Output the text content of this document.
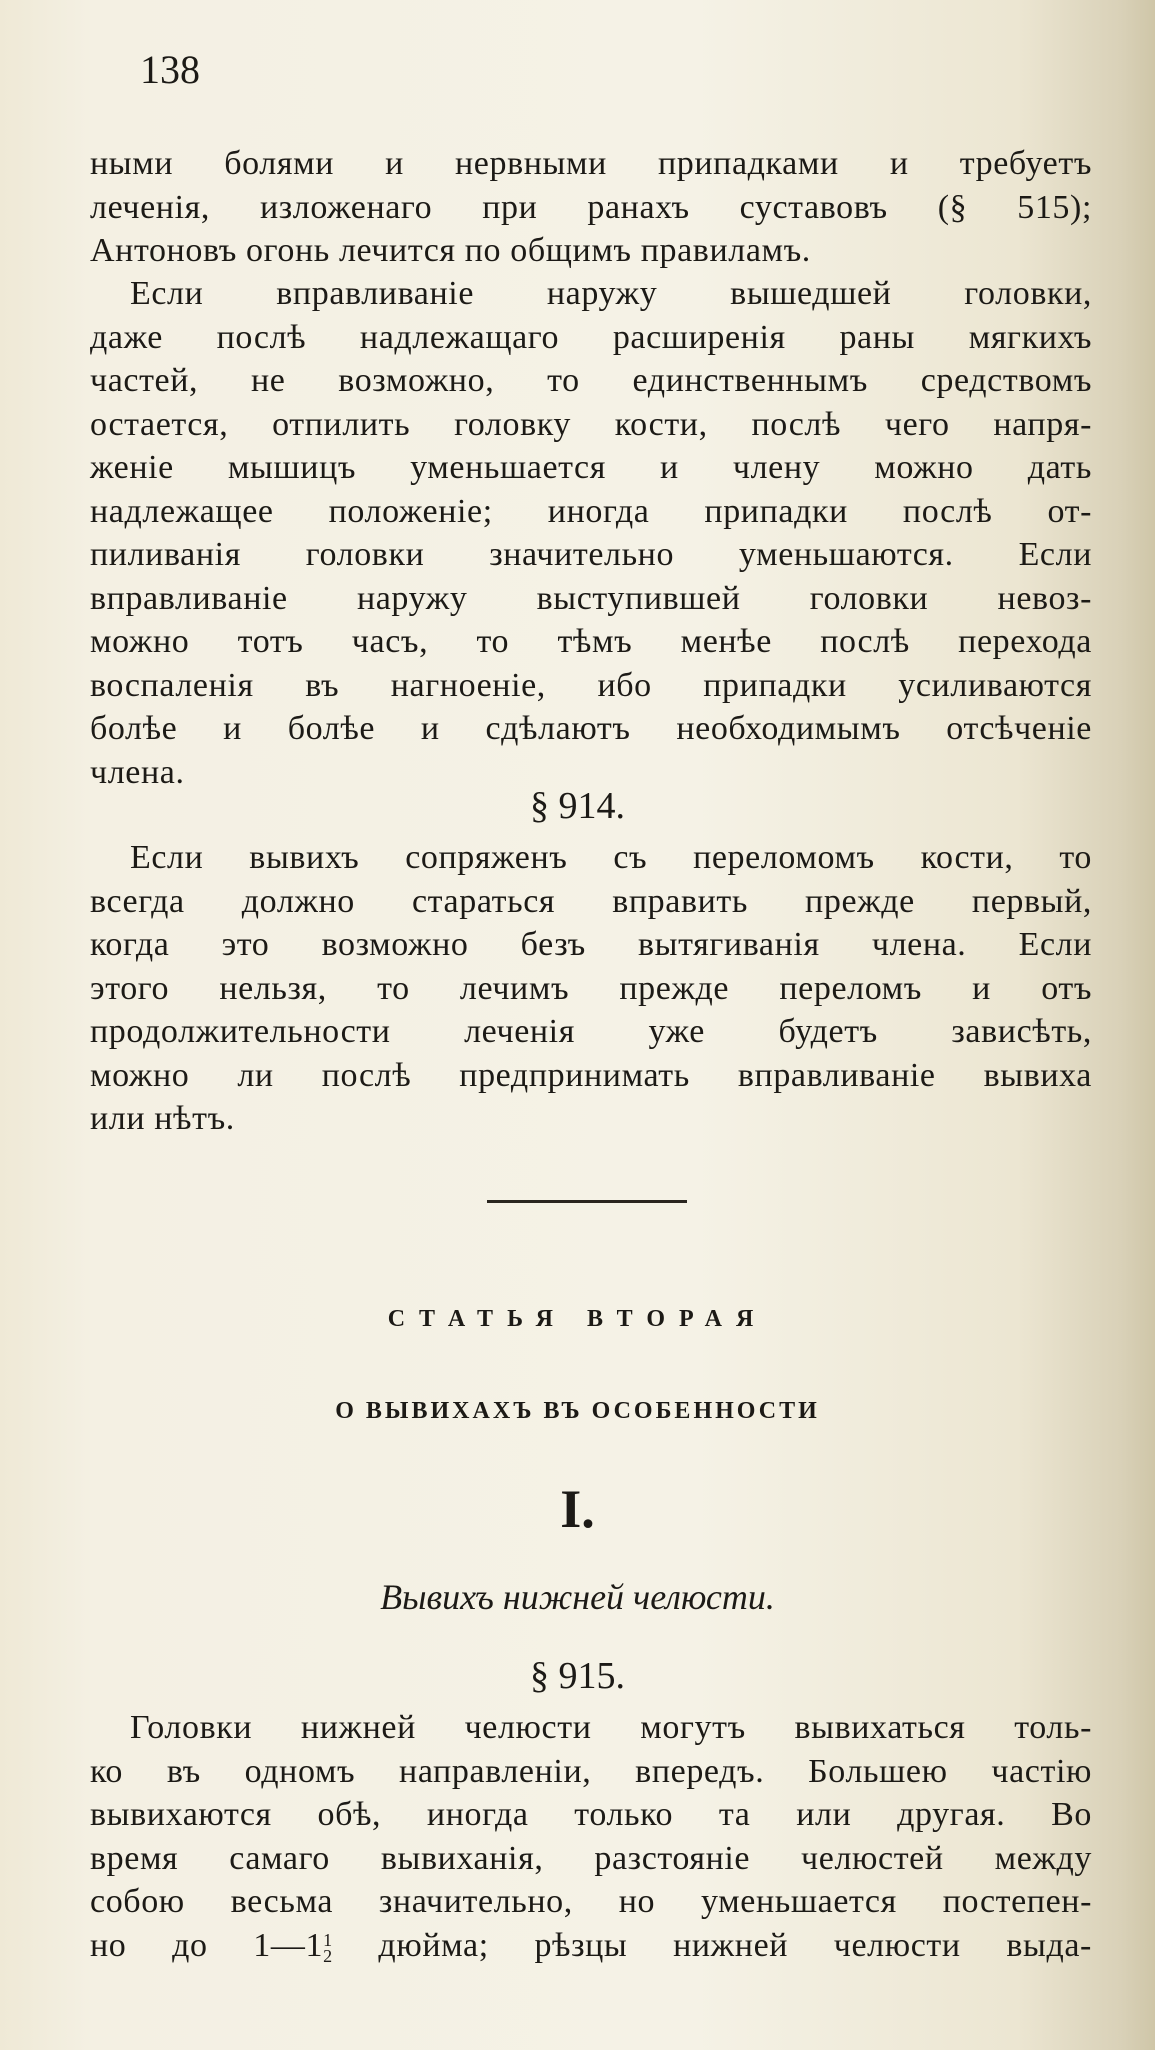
138
ными болями и нервными припадками и требуетъ
леченія, изложенаго при ранахъ суставовъ (§ 515);
Антоновъ огонь лечится по общимъ правиламъ.
Если вправливаніе наружу вышедшей головки,
даже послѣ надлежащаго расширенія раны мягкихъ
частей, не возможно, то единственнымъ средствомъ
остается, отпилить головку кости, послѣ чего напря-
женіе мышицъ уменьшается и члену можно дать
надлежащее положеніе; иногда припадки послѣ от-
пиливанія головки значительно уменьшаются. Если
вправливаніе наружу выступившей головки невоз-
можно тотъ часъ, то тѣмъ менѣе послѣ перехода
воспаленія въ нагноеніе, ибо припадки усиливаются
болѣе и болѣе и сдѣлаютъ необходимымъ отсѣченіе
члена.
§ 914.
Если вывихъ сопряженъ съ переломомъ кости, то
всегда должно стараться вправить прежде первый,
когда это возможно безъ вытягиванія члена. Если
этого нельзя, то лечимъ прежде переломъ и отъ
продолжительности леченія уже будетъ зависѣть,
можно ли послѣ предпринимать вправливаніе вывиха
или нѣтъ.
СТАТЬЯ ВТОРАЯ
О ВЫВИХАХЪ ВЪ ОСОБЕННОСТИ
I.
Вывихъ нижней челюсти.
§ 915.
Головки нижней челюсти могутъ вывихаться толь-
ко въ одномъ направленіи, впередъ. Большею частію
вывихаются обѣ, иногда только та или другая. Во
время самаго вывиханія, разстояніе челюстей между
собою весьма значительно, но уменьшается постепен-
но до 1—1 1
2 дюйма; рѣзцы нижней челюсти выда-
